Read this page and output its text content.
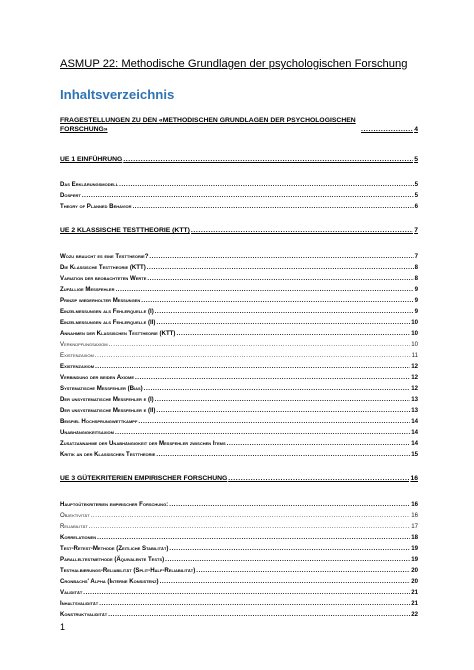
ASMUP 22: Methodische Grundlagen der psychologischen Forschung
Inhaltsverzeichnis
FRAGESTELLUNGEN ZU DEN «METHODISCHEN GRUNDLAGEN DER PSYCHOLOGISCHEN FORSCHUNG» .....	4
UE 1 EINFÜHRUNG .....	5
Das Erklärungsmodell .....	5
Dospert .....	5
Theory of Planned Behavior .....	6
UE 2 KLASSISCHE TESTTHEORIE (KTT) .....	7
Wozu braucht es eine Testtheorie? .....	7
Die Klassische Testtheorie (KTT) .....	8
Variation der beobachteten Werte .....	8
Zufällige Messfehler .....	9
Prinzip wiederholter Messungen .....	9
Einzelmessungen als Fehlerquelle (I) .....	9
Einzelmessungen als Fehlerquelle (II) .....	10
Annahmen der Klassischen Testtheorie (KTT) .....	10
Verknüpfungsaxiom .....	10
Existenzaxiom .....	11
Existenzaxiom .....	12
Verbindung der beiden Axiome .....	12
Systematische Messfehler (Bias) .....	12
Der unsystematische Messfehler e (I) .....	13
Der unsystematische Messfehler e (II) .....	13
Beispiel Hochsprungwettkampf .....	14
Unabhängigkeitsaxiom .....	14
Zusatzannahme der Unabhängigkeit der Messfehler zwischen Items .....	14
Kritik an der Klassischen Testtheorie .....	15
UE 3 GÜTEKRITERIEN EMPIRISCHER FORSCHUNG .....	16
Hauptgütekriterien empirischer Forschung: .....	16
Objektivität .....	16
Reliabilität .....	17
Korrelationen .....	18
Test-Retest-Methode (Zeitliche Stabilität) .....	19
Paralleltestmethode (Äquivalente Tests) .....	19
Testhalbierungs-Reliabilität (Split-Half-Reliabilität) .....	20
Cronbachs' Alpha (Interne Konsistenz) .....	20
Validität .....	21
Inhaltsvalidität .....	21
Konstruktvalidität .....	22
1
